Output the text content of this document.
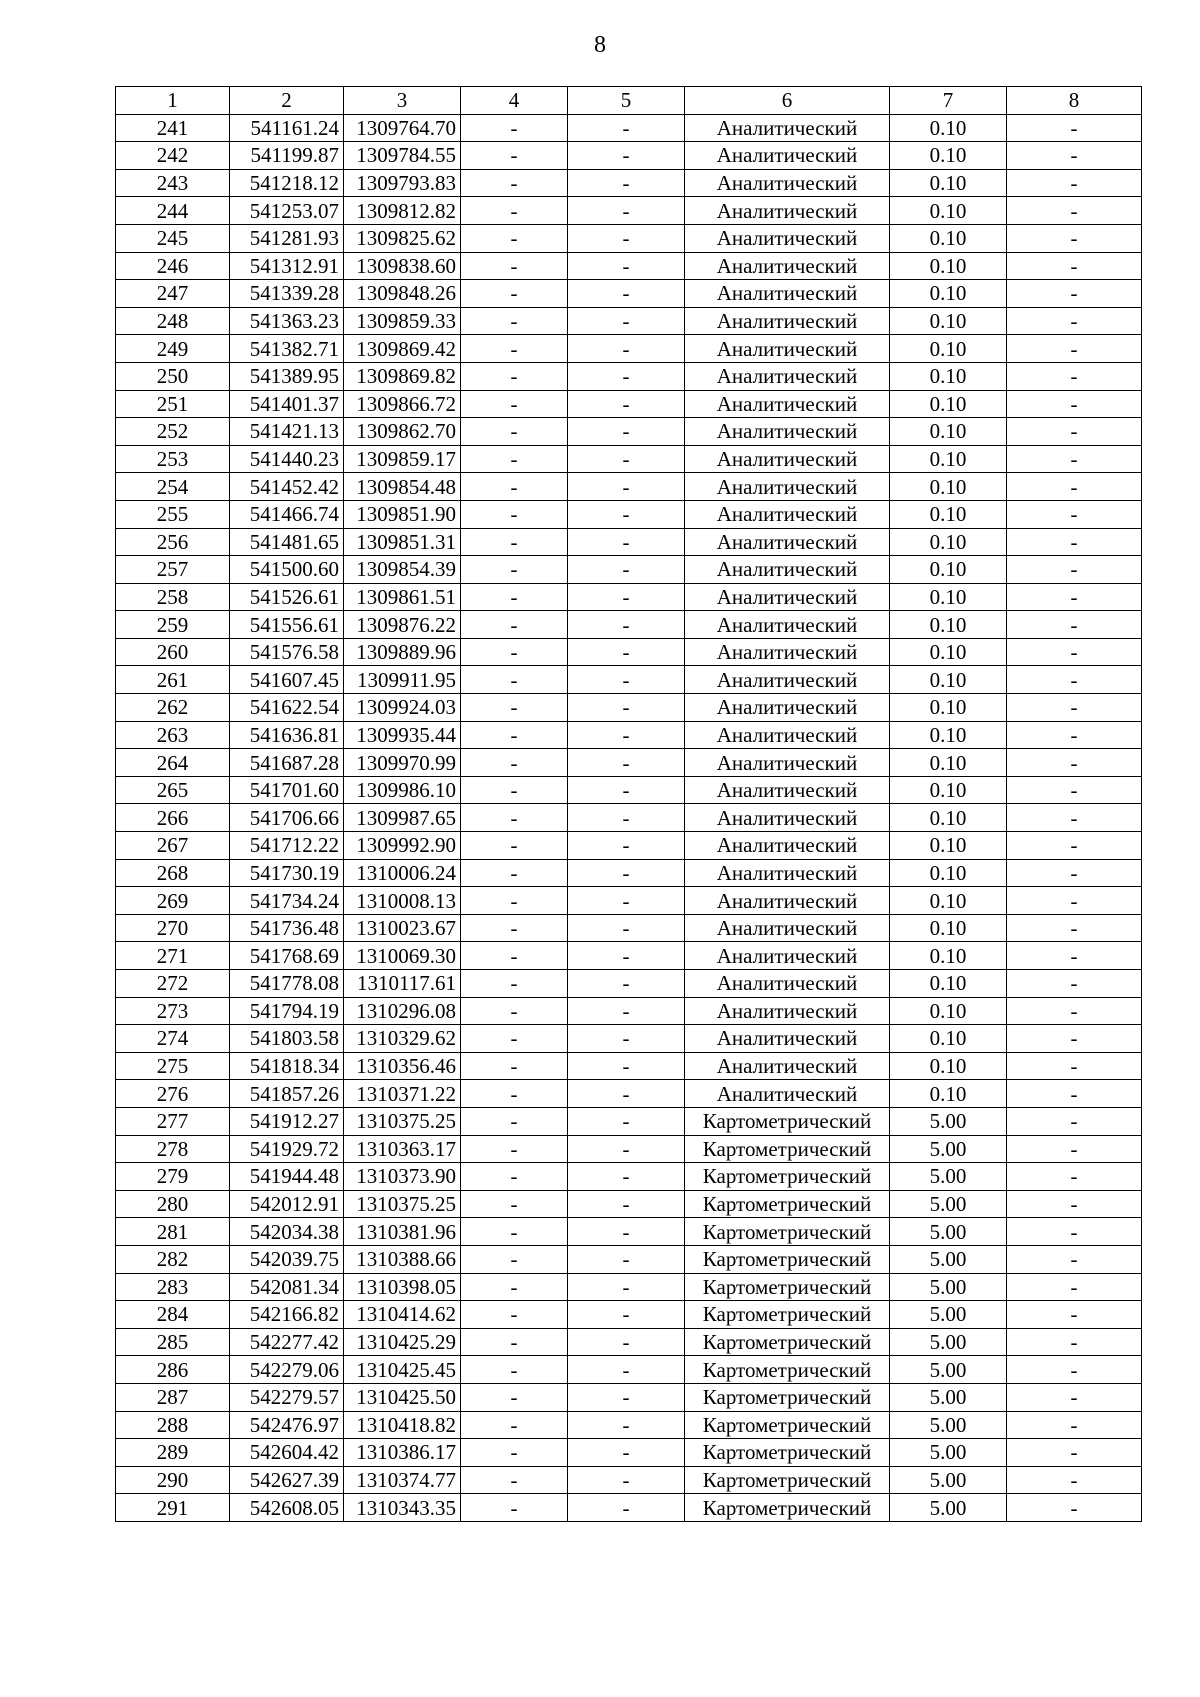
8
1	2	3	4	5	6	7	8
241	541161.24	1309764.70	-	-	Аналитический	0.10	-
242	541199.87	1309784.55	-	-	Аналитический	0.10	-
243	541218.12	1309793.83	-	-	Аналитический	0.10	-
244	541253.07	1309812.82	-	-	Аналитический	0.10	-
245	541281.93	1309825.62	-	-	Аналитический	0.10	-
246	541312.91	1309838.60	-	-	Аналитический	0.10	-
247	541339.28	1309848.26	-	-	Аналитический	0.10	-
248	541363.23	1309859.33	-	-	Аналитический	0.10	-
249	541382.71	1309869.42	-	-	Аналитический	0.10	-
250	541389.95	1309869.82	-	-	Аналитический	0.10	-
251	541401.37	1309866.72	-	-	Аналитический	0.10	-
252	541421.13	1309862.70	-	-	Аналитический	0.10	-
253	541440.23	1309859.17	-	-	Аналитический	0.10	-
254	541452.42	1309854.48	-	-	Аналитический	0.10	-
255	541466.74	1309851.90	-	-	Аналитический	0.10	-
256	541481.65	1309851.31	-	-	Аналитический	0.10	-
257	541500.60	1309854.39	-	-	Аналитический	0.10	-
258	541526.61	1309861.51	-	-	Аналитический	0.10	-
259	541556.61	1309876.22	-	-	Аналитический	0.10	-
260	541576.58	1309889.96	-	-	Аналитический	0.10	-
261	541607.45	1309911.95	-	-	Аналитический	0.10	-
262	541622.54	1309924.03	-	-	Аналитический	0.10	-
263	541636.81	1309935.44	-	-	Аналитический	0.10	-
264	541687.28	1309970.99	-	-	Аналитический	0.10	-
265	541701.60	1309986.10	-	-	Аналитический	0.10	-
266	541706.66	1309987.65	-	-	Аналитический	0.10	-
267	541712.22	1309992.90	-	-	Аналитический	0.10	-
268	541730.19	1310006.24	-	-	Аналитический	0.10	-
269	541734.24	1310008.13	-	-	Аналитический	0.10	-
270	541736.48	1310023.67	-	-	Аналитический	0.10	-
271	541768.69	1310069.30	-	-	Аналитический	0.10	-
272	541778.08	1310117.61	-	-	Аналитический	0.10	-
273	541794.19	1310296.08	-	-	Аналитический	0.10	-
274	541803.58	1310329.62	-	-	Аналитический	0.10	-
275	541818.34	1310356.46	-	-	Аналитический	0.10	-
276	541857.26	1310371.22	-	-	Аналитический	0.10	-
277	541912.27	1310375.25	-	-	Картометрический	5.00	-
278	541929.72	1310363.17	-	-	Картометрический	5.00	-
279	541944.48	1310373.90	-	-	Картометрический	5.00	-
280	542012.91	1310375.25	-	-	Картометрический	5.00	-
281	542034.38	1310381.96	-	-	Картометрический	5.00	-
282	542039.75	1310388.66	-	-	Картометрический	5.00	-
283	542081.34	1310398.05	-	-	Картометрический	5.00	-
284	542166.82	1310414.62	-	-	Картометрический	5.00	-
285	542277.42	1310425.29	-	-	Картометрический	5.00	-
286	542279.06	1310425.45	-	-	Картометрический	5.00	-
287	542279.57	1310425.50	-	-	Картометрический	5.00	-
288	542476.97	1310418.82	-	-	Картометрический	5.00	-
289	542604.42	1310386.17	-	-	Картометрический	5.00	-
290	542627.39	1310374.77	-	-	Картометрический	5.00	-
291	542608.05	1310343.35	-	-	Картометрический	5.00	-
